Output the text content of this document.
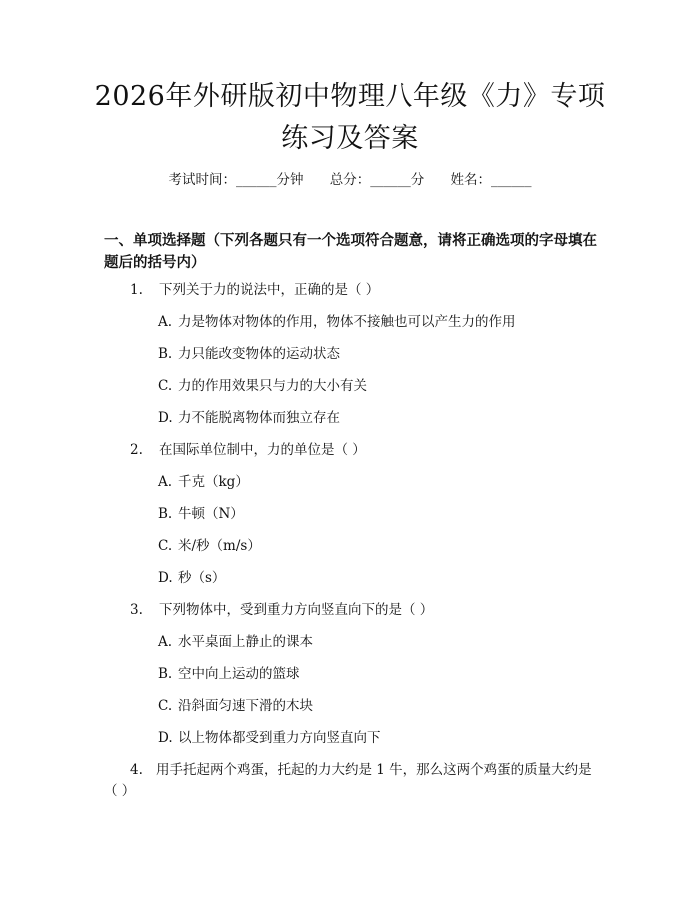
2026年外研版初中物理八年级《力》专项练习及答案
考试时间：______分钟 总分：______分 姓名：______
一、单项选择题（下列各题只有一个选项符合题意，请将正确选项的字母填在题后的括号内）
1. 下列关于力的说法中，正确的是（ ）
A. 力是物体对物体的作用，物体不接触也可以产生力的作用
B. 力只能改变物体的运动状态
C. 力的作用效果只与力的大小有关
D. 力不能脱离物体而独立存在
2. 在国际单位制中，力的单位是（ ）
A. 千克（kg）
B. 牛顿（N）
C. 米/秒（m/s）
D. 秒（s）
3. 下列物体中，受到重力方向竖直向下的是（ ）
A. 水平桌面上静止的课本
B. 空中向上运动的篮球
C. 沿斜面匀速下滑的木块
D. 以上物体都受到重力方向竖直向下
4. 用手托起两个鸡蛋，托起的力大约是 1 牛，那么这两个鸡蛋的质量大约是（ ）
